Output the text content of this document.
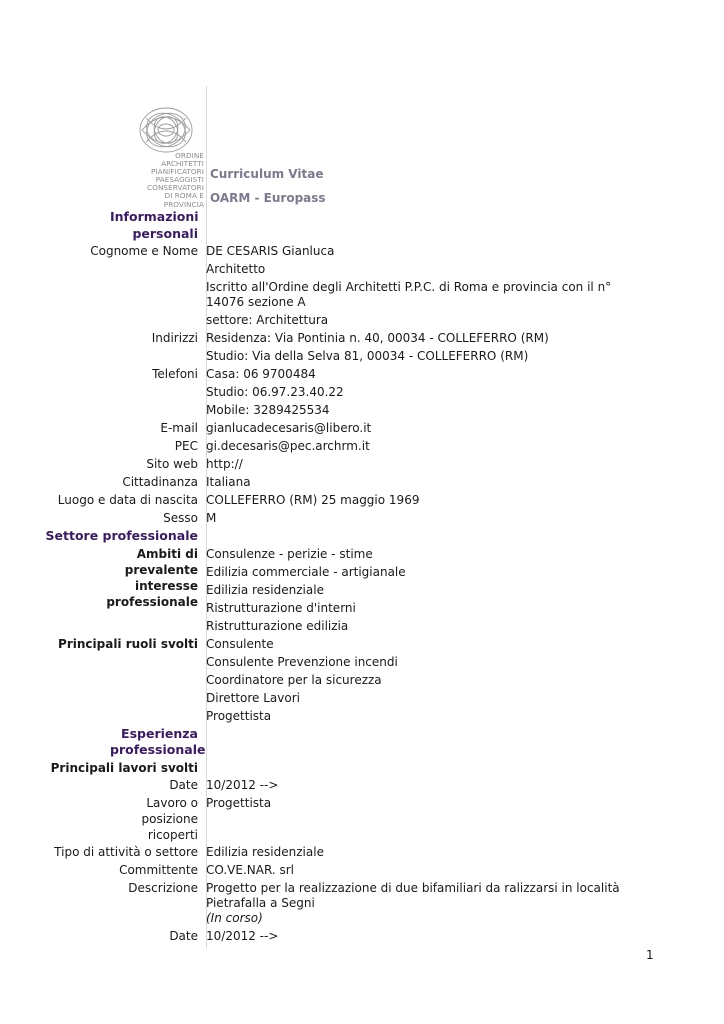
ORDINE
ARCHITETTI
PIANIFICATORI
PAESAGGISTI
CONSERVATORI
DI ROMA E
PROVINCIA
Curriculum Vitae
OARM - Europass
Informazioni personali
Cognome e Nome DE CESARIS Gianluca
Architetto
Iscritto all'Ordine degli Architetti P.P.C. di Roma e provincia con il n° 14076 sezione A
settore: Architettura
Indirizzi Residenza: Via Pontinia n. 40, 00034 - COLLEFERRO (RM)
Studio: Via della Selva 81, 00034 - COLLEFERRO (RM)
Telefoni Casa: 06 9700484
Studio: 06.97.23.40.22
Mobile: 3289425534
E-mail gianlucadecesaris@libero.it
PEC gi.decesaris@pec.archrm.it
Sito web http://
Cittadinanza Italiana
Luogo e data di nascita COLLEFERRO (RM) 25 maggio 1969
Sesso M
Settore professionale
Ambiti di prevalente interesse professionale
Consulenze - perizie - stime
Edilizia commerciale - artigianale
Edilizia residenziale
Ristrutturazione d'interni
Ristrutturazione edilizia
Principali ruoli svolti Consulente
Consulente Prevenzione incendi
Coordinatore per la sicurezza
Direttore Lavori
Progettista
Esperienza professionale
Principali lavori svolti
Date 10/2012 -->
Lavoro o posizione ricoperti
Progettista
Tipo di attività o settore Edilizia residenziale
Committente CO.VE.NAR. srl
Descrizione Progetto per la realizzazione di due bifamiliari da ralizzarsi in località Pietrafalla a Segni
(In corso)
Date 10/2012 -->
1
